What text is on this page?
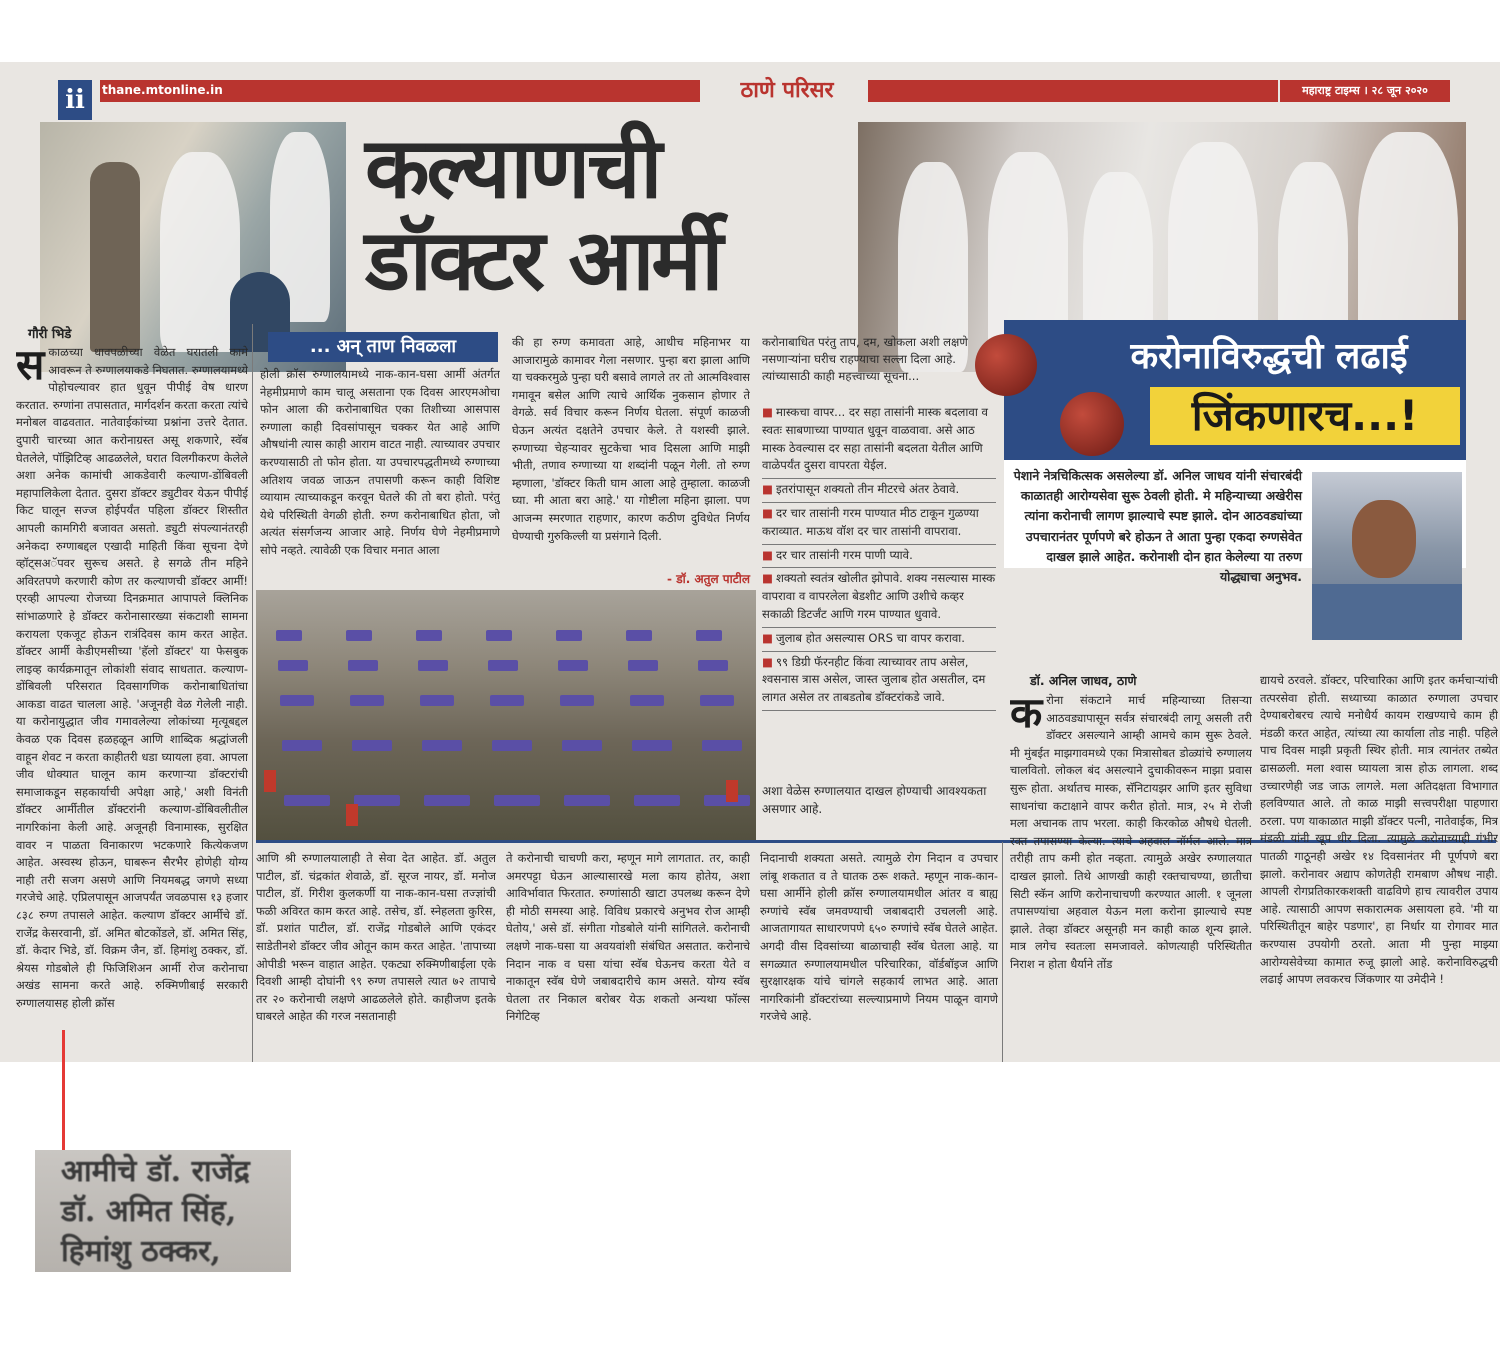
ii	thane.mtonline.in	ठाणे परिसर	महाराष्ट्र टाइम्स । २८ जून २०२०
कल्याणची
डॉक्टर आर्मी
गौरी भिडे
सकाळच्या धावपळीच्या वेळेत घरातली कामे आवरून ते रुग्णालयाकडे निघतात. रुग्णालयामध्ये पोहोचल्यावर हात धुवून पीपीई वेष धारण करतात. रुग्णांना तपासतात, मार्गदर्शन करता करता त्यांचे मनोबल वाढवतात. नातेवाईकांच्या प्रश्नांना उत्तरे देतात. दुपारी चारच्या आत करोनाग्रस्त असू शकणारे, स्वॅब घेतलेले, पॉझिटिव्ह आढळलेले, घरात विलगीकरण केलेले अशा अनेक कामांची आकडेवारी कल्याण-डोंबिवली महापालिकेला देतात. दुसरा डॉक्टर ड्युटीवर येऊन पीपीई किट घालून सज्ज होईपर्यंत पहिला डॉक्टर शिस्तीत आपली कामगिरी बजावत असतो. ड्युटी संपल्यानंतरही अनेकदा रुग्णाबद्दल एखादी माहिती किंवा सूचना देणे व्हॉट्सअॅपवर सुरूच असते. हे सगळे तीन महिने अविरतपणे करणारी कोण तर कल्याणची डॉक्टर आर्मी! एरव्ही आपल्या रोजच्या दिनक्रमात आपापले क्लिनिक सांभाळणारे हे डॉक्टर करोनासारख्या संकटाशी सामना करायला एकजूट होऊन रात्रंदिवस काम करत आहेत. डॉक्टर आर्मी केडीएमसीच्या 'हॅलो डॉक्टर' या फेसबुक लाइव्ह कार्यक्रमातून लोकांशी संवाद साधतात. कल्याण-डोंबिवली परिसरात दिवसागणिक करोनाबाधितांचा आकडा वाढत चालला आहे. 'अजूनही वेळ गेलेली नाही. या करोनायुद्धात जीव गमावलेल्या लोकांच्या मृत्यूबद्दल केवळ एक दिवस हळहळून आणि शाब्दिक श्रद्धांजली वाहून शेवट न करता काहीतरी धडा घ्यायला हवा. आपला जीव धोक्यात घालून काम करणाऱ्या डॉक्टरांची समाजाकडून सहकार्याची अपेक्षा आहे,' अशी विनंती डॉक्टर आर्मीतील डॉक्टरांनी कल्याण-डोंबिवलीतील नागरिकांना केली आहे. अजूनही विनामास्क, सुरक्षित वावर न पाळता विनाकारण भटकणारे कित्येकजण आहेत. अस्वस्थ होऊन, घाबरून सैरभैर होणेही योग्य नाही तरी सजग असणे आणि नियमबद्ध जगणे सध्या गरजेचे आहे. एप्रिलपासून आजपर्यंत जवळपास १३ हजार ८३८ रुग्ण तपासले आहेत. कल्याण डॉक्टर आर्मीचे डॉ. राजेंद्र केसरवानी, डॉ. अमित बोटकोंडले, डॉ. अमित सिंह, डॉ. केदार भिडे, डॉ. विक्रम जैन, डॉ. हिमांशु ठक्कर, डॉ. श्रेयस गोडबोले ही फिजिशिअन आर्मी रोज करोनाचा अखंड सामना करते आहे. रुक्मिणीबाई सरकारी रुग्णालयासह होली क्रॉस
... अन् ताण निवळला
होली क्रॉस रुग्णालयामध्ये नाक-कान-घसा आर्मी अंतर्गत नेहमीप्रमाणे काम चालू असताना एक दिवस आरएमओचा फोन आला की करोनाबाधित एका तिशीच्या आसपास रुग्णाला काही दिवसांपासून चक्कर येत आहे आणि औषधांनी त्यास काही आराम वाटत नाही. त्याच्यावर उपचार करण्यासाठी तो फोन होता. या उपचारपद्धतीमध्ये रुग्णाच्या अतिशय जवळ जाऊन तपासणी करून काही विशिष्ट व्यायाम त्याच्याकडून करवून घेतले की तो बरा होतो. परंतु येथे परिस्थिती वेगळी होती. रुग्ण करोनाबाधित होता, जो अत्यंत संसर्गजन्य आजार आहे. निर्णय घेणे नेहमीप्रमाणे सोपे नव्हते. त्यावेळी एक विचार मनात आला
की हा रुग्ण कमावता आहे, आधीच महिनाभर या आजारामुळे कामावर गेला नसणार. पुन्हा बरा झाला आणि या चक्करमुळे पुन्हा घरी बसावे लागले तर तो आत्मविश्वास गमावून बसेल आणि त्याचे आर्थिक नुकसान होणार ते वेगळे. सर्व विचार करून निर्णय घेतला. संपूर्ण काळजी घेऊन अत्यंत दक्षतेने उपचार केले. ते यशस्वी झाले. रुग्णाच्या चेहऱ्यावर सुटकेचा भाव दिसला आणि माझी भीती, तणाव रुग्णाच्या या शब्दांनी पळून गेली. तो रुग्ण म्हणाला, 'डॉक्टर किती घाम आला आहे तुम्हाला. काळजी घ्या. मी आता बरा आहे.' या गोष्टीला महिना झाला. पण आजन्म स्मरणात राहणार, कारण कठीण दुविधेत निर्णय घेण्याची गुरुकिल्ली या प्रसंगाने दिली.
- डॉ. अतुल पाटील
करोनाबाधित परंतु ताप, दम, खोकला अशी लक्षणे नसणाऱ्यांना घरीच राहण्याचा सल्ला दिला आहे. त्यांच्यासाठी काही महत्त्वाच्या सूचना...
■ मास्कचा वापर... दर सहा तासांनी मास्क बदलावा व स्वतः साबणाच्या पाण्यात धुवून वाळवावा. असे आठ मास्क ठेवल्यास दर सहा तासांनी बदलता येतील आणि वाळेपर्यंत दुसरा वापरता येईल.
■ इतरांपासून शक्यतो तीन मीटरचे अंतर ठेवावे.
■ दर चार तासांनी गरम पाण्यात मीठ टाकून गुळण्या कराव्यात. माऊथ वॉश दर चार तासांनी वापरावा.
■ दर चार तासांनी गरम पाणी प्यावे.
■ शक्यतो स्वतंत्र खोलीत झोपावे. शक्य नसल्यास मास्क वापरावा व वापरलेला बेडशीट आणि उशीचे कव्हर सकाळी डिटर्जंट आणि गरम पाण्यात धुवावे.
■ जुलाब होत असल्यास ORS चा वापर करावा.
■ ९९ डिग्री फॅरनहीट किंवा त्याच्यावर ताप असेल, श्वसनास त्रास असेल, जास्त जुलाब होत असतील, दम लागत असेल तर ताबडतोब डॉक्टरांकडे जावे.
अशा वेळेस रुग्णालयात दाखल होण्याची आवश्यकता असणार आहे.
आणि श्री रुग्णालयालाही ते सेवा देत आहेत. डॉ. अतुल पाटील, डॉ. चंद्रकांत शेवाळे, डॉ. सूरज नायर, डॉ. मनोज पाटील, डॉ. गिरीश कुलकर्णी या नाक-कान-घसा तज्ज्ञांची फळी अविरत काम करत आहे. तसेच, डॉ. स्नेहलता कुरिस, डॉ. प्रशांत पाटील, डॉ. राजेंद्र गोडबोले आणि एकंदर साडेतीनशे डॉक्टर जीव ओतून काम करत आहेत. 'तापाच्या ओपीडी भरून वाहात आहेत. एकट्या रुक्मिणीबाईला एके दिवशी आम्ही दोघांनी ९९ रुग्ण तपासले त्यात ७२ तापाचे तर २० करोनाची लक्षणे आढळलेले होते. काहीजण इतके घाबरले आहेत की गरज नसतानाही
ते करोनाची चाचणी करा, म्हणून मागे लागतात. तर, काही अमरपट्टा घेऊन आल्यासारखे मला काय होतेय, अशा आविर्भावात फिरतात. रुग्णांसाठी खाटा उपलब्ध करून देणे ही मोठी समस्या आहे. विविध प्रकारचे अनुभव रोज आम्ही घेतोय,' असे डॉ. संगीता गोडबोले यांनी सांगितले. करोनाची लक्षणे नाक-घसा या अवयवांशी संबंधित असतात. करोनाचे निदान नाक व घसा यांचा स्वॅब घेऊनच करता येते व नाकातून स्वॅब घेणे जबाबदारीचे काम असते. योग्य स्वॅब घेतला तर निकाल बरोबर येऊ शकतो अन्यथा फॉल्स निगेटिव्ह
निदानाची शक्यता असते. त्यामुळे रोग निदान व उपचार लांबू शकतात व ते घातक ठरू शकते. म्हणून नाक-कान-घसा आर्मीने होली क्रॉस रुग्णालयामधील आंतर व बाह्य रुग्णांचे स्वॅब जमवण्याची जबाबदारी उचलली आहे. आजतागायत साधारणपणे ६५० रुग्णांचे स्वॅब घेतले आहेत. अगदी वीस दिवसांच्या बाळाचाही स्वॅब घेतला आहे. या सगळ्यात रुग्णालयामधील परिचारिका, वॉर्डबॉइज आणि सुरक्षारक्षक यांचे चांगले सहकार्य लाभत आहे. आता नागरिकांनी डॉक्टरांच्या सल्ल्याप्रमाणे नियम पाळून वागणे गरजेचे आहे.
करोनाविरुद्धची लढाई
जिंकणारच...!
पेशाने नेत्रचिकित्सक असलेल्या डॉ. अनिल जाधव यांनी संचारबंदी काळातही आरोग्यसेवा सुरू ठेवली होती. मे महिन्याच्या अखेरीस त्यांना करोनाची लागण झाल्याचे स्पष्ट झाले. दोन आठवड्यांच्या उपचारानंतर पूर्णपणे बरे होऊन ते आता पुन्हा एकदा रुग्णसेवेत दाखल झाले आहेत. करोनाशी दोन हात केलेल्या या तरुण योद्ध्याचा अनुभव.
डॉ. अनिल जाधव, ठाणे
करोना संकटाने मार्च महिन्याच्या तिसऱ्या आठवड्यापासून सर्वत्र संचारबंदी लागू असली तरी डॉक्टर असल्याने आम्ही आमचे काम सुरू ठेवले. मी मुंबईत माझगावमध्ये एका मित्रासोबत डोळ्यांचे रुग्णालय चालवितो. लोकल बंद असल्याने दुचाकीवरून माझा प्रवास सुरू होता. अर्थातच मास्क, सॅनिटायझर आणि इतर सुविधा साधनांचा कटाक्षाने वापर करीत होतो. मात्र, २५ मे रोजी मला अचानक ताप भरला. काही किरकोळ औषधे घेतली. रक्त तपासण्या केल्या. त्याचे अहवाल नॉर्मल आले. मात्र तरीही ताप कमी होत नव्हता. त्यामुळे अखेर रुग्णालयात दाखल झालो. तिथे आणखी काही रक्तचाचण्या, छातीचा सिटी स्कॅन आणि करोनाचाचणी करण्यात आली. १ जूनला तपासण्यांचा अहवाल येऊन मला करोना झाल्याचे स्पष्ट झाले. तेव्हा डॉक्टर असूनही मन काही काळ शून्य झाले. मात्र लगेच स्वतःला समजावले. कोणत्याही परिस्थितीत निराश न होता धैर्याने तोंड
द्यायचे ठरवले. डॉक्टर, परिचारिका आणि इतर कर्मचाऱ्यांची तत्परसेवा होती. सध्याच्या काळात रुग्णाला उपचार देण्याबरोबरच त्याचे मनोधैर्य कायम राखण्याचे काम ही मंडळी करत आहेत, त्यांच्या त्या कार्याला तोड नाही. पहिले पाच दिवस माझी प्रकृती स्थिर होती. मात्र त्यानंतर तब्येत ढासळली. मला श्वास घ्यायला त्रास होऊ लागला. शब्द उच्चारणेही जड जाऊ लागले. मला अतिदक्षता विभागात हलविण्यात आले. तो काळ माझी सत्त्वपरीक्षा पाहणारा ठरला. पण याकाळात माझी डॉक्टर पत्नी, नातेवाईक, मित्र मंडळी यांनी खूप धीर दिला. त्यामुळे करोनाच्याही गंभीर पातळी गाठूनही अखेर १४ दिवसानंतर मी पूर्णपणे बरा झालो. करोनावर अद्याप कोणतेही रामबाण औषध नाही. आपली रोगप्रतिकारकशक्ती वाढविणे हाच त्यावरील उपाय आहे. त्यासाठी आपण सकारात्मक असायला हवे. 'मी या परिस्थितीतून बाहेर पडणार', हा निर्धार या रोगावर मात करण्यास उपयोगी ठरतो. आता मी पुन्हा माझ्या आरोग्यसेवेच्या कामात रुजू झालो आहे. करोनाविरुद्धची लढाई आपण लवकरच जिंकणार या उमेदीने !
आमीचे डॉ. राजेंद्र
डॉ. अमित सिंह,
हिमांशु ठक्कर,
